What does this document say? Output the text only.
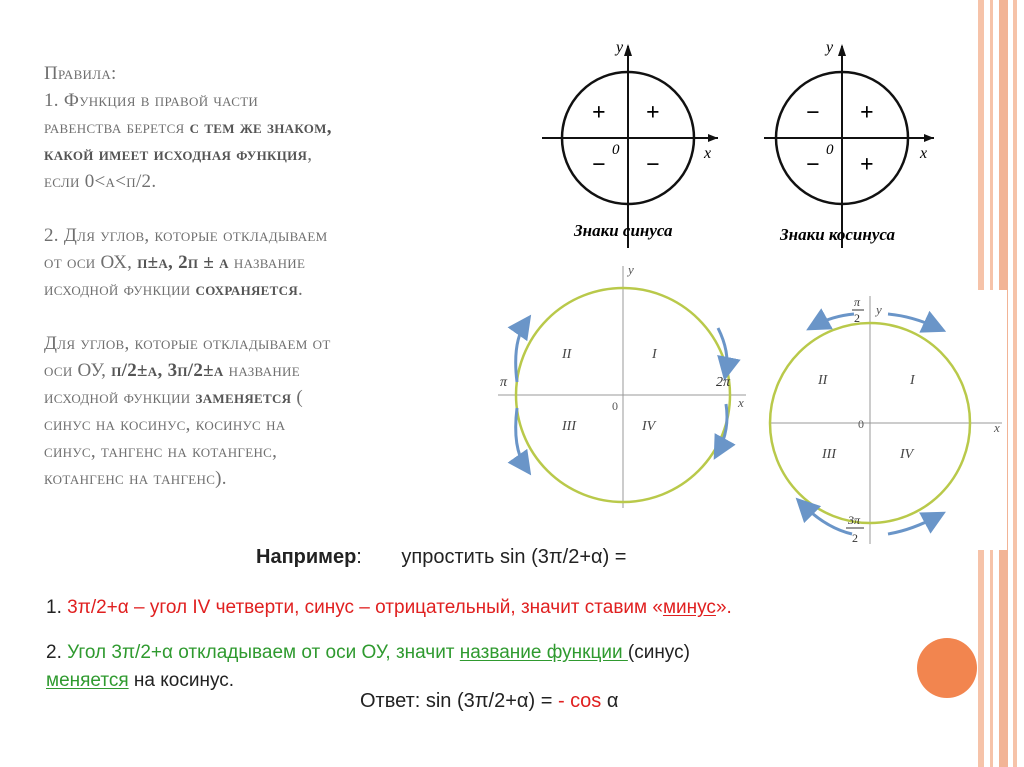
Правила:

1. Функция в правой части

равенства берется с тем же знаком,

какой имеет исходная функция,

если 0<a<π/2.

2. Для углов, которые откладываем

от оси ОХ, π±a, 2π ± a название

исходной функции сохраняется.

Для углов, которые откладываем от

оси ОУ, π/2±a, 3π/2±a название

исходной функции заменяется (

синус на косинус, косинус на

синус, тангенс на котангенс,

котангенс на тангенс).

y
x
0
+ +
− −
Знаки синуса
y
x
0
− +
− +
Знаки косинуса
y
x
0
π	2π
II	I
III	IV
y
x
0
π
2
3π
2
II	I
III	IV
Например: упростить sin (3π/2+α) =
1. 3π/2+α – угол IV четверти, синус – отрицательный, значит ставим «минус».
2. Угол 3π/2+α откладываем от оси ОУ, значит название функции (синус)
меняется на косинус.
Ответ: sin (3π/2+α) = - cos α
